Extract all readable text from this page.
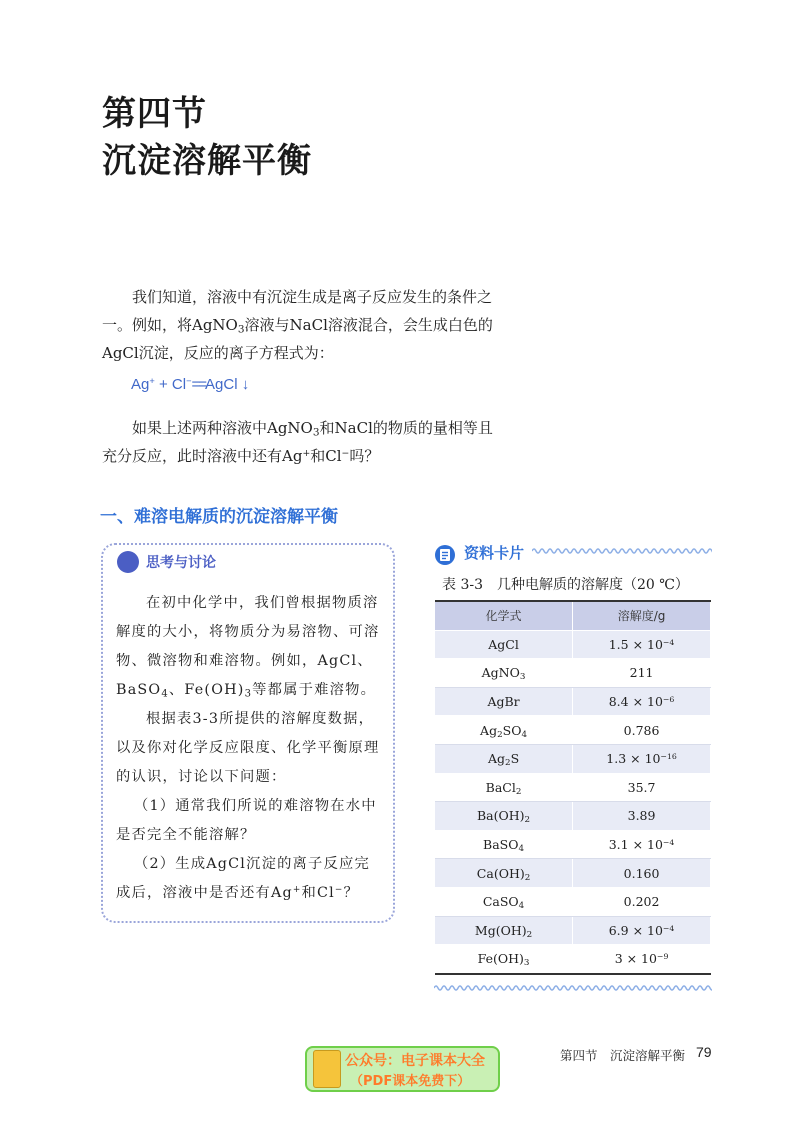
第四节
沉淀溶解平衡
我们知道，溶液中有沉淀生成是离子反应发生的条件之一。例如，将AgNO$_3$溶液与NaCl溶液混合，会生成白色的AgCl沉淀，反应的离子方程式为：
Ag+ + Cl−==AgCl ↓
如果上述两种溶液中AgNO$_3$和NaCl的物质的量相等且充分反应，此时溶液中还有Ag+和Cl−吗？
一、难溶电解质的沉淀溶解平衡
思考与讨论

在初中化学中，我们曾根据物质溶解度的大小，将物质分为易溶物、可溶物、微溶物和难溶物。例如，AgCl、BaSO$_4$、$Fe(OH)_3$等都属于难溶物。

根据表3-3所提供的溶解度数据，以及你对化学反应限度、化学平衡原理的认识，讨论以下问题：

（1）通常我们所说的难溶物在水中是否完全不能溶解？

（2）生成AgCl沉淀的离子反应完成后，溶液中是否还有Ag+和Cl−？

资料卡片
表 3-3 几种电解质的溶解度（20 ℃）
化学式	溶解度/g
AgCl	$1.5 \times 10^{-4}$
AgNO$_3$	211
AgBr	$8.4 \times 10^{-6}$
$Ag_2SO_4$	0.786
$Ag_2S$	$1.3 \times 10^{-16}$
BaCl$_2$	35.7
$Ba(OH)_2$	3.89
BaSO$_4$	$3.1 \times 10^{-4}$
$Ca(OH)_2$	0.160
CaSO$_4$	0.202
$Mg(OH)_2$	$6.9 \times 10^{-4}$
$Fe(OH)_3$	$3 \times 10^{-9}$
公众号：电子课本大全
（PDF课本免费下）
第四节　沉淀溶解平衡 79
